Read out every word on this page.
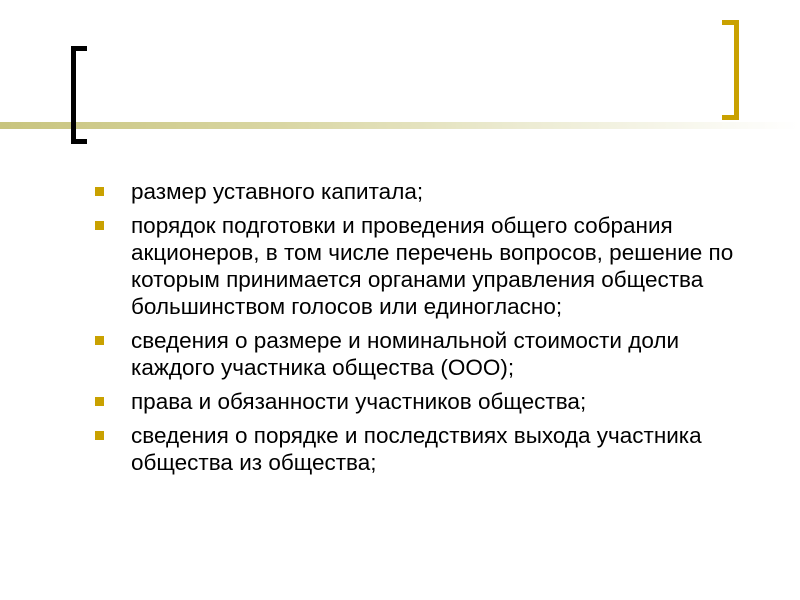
размер уставного капитала;
порядок подготовки и проведения общего собрания акционеров, в том числе перечень вопросов, решение по которым принимается органами управления общества большинством голосов или единогласно;
сведения о размере и номинальной стоимости доли каждого участника общества (ООО);
права и обязанности участников общества;
сведения о порядке и последствиях выхода участника общества из общества;
